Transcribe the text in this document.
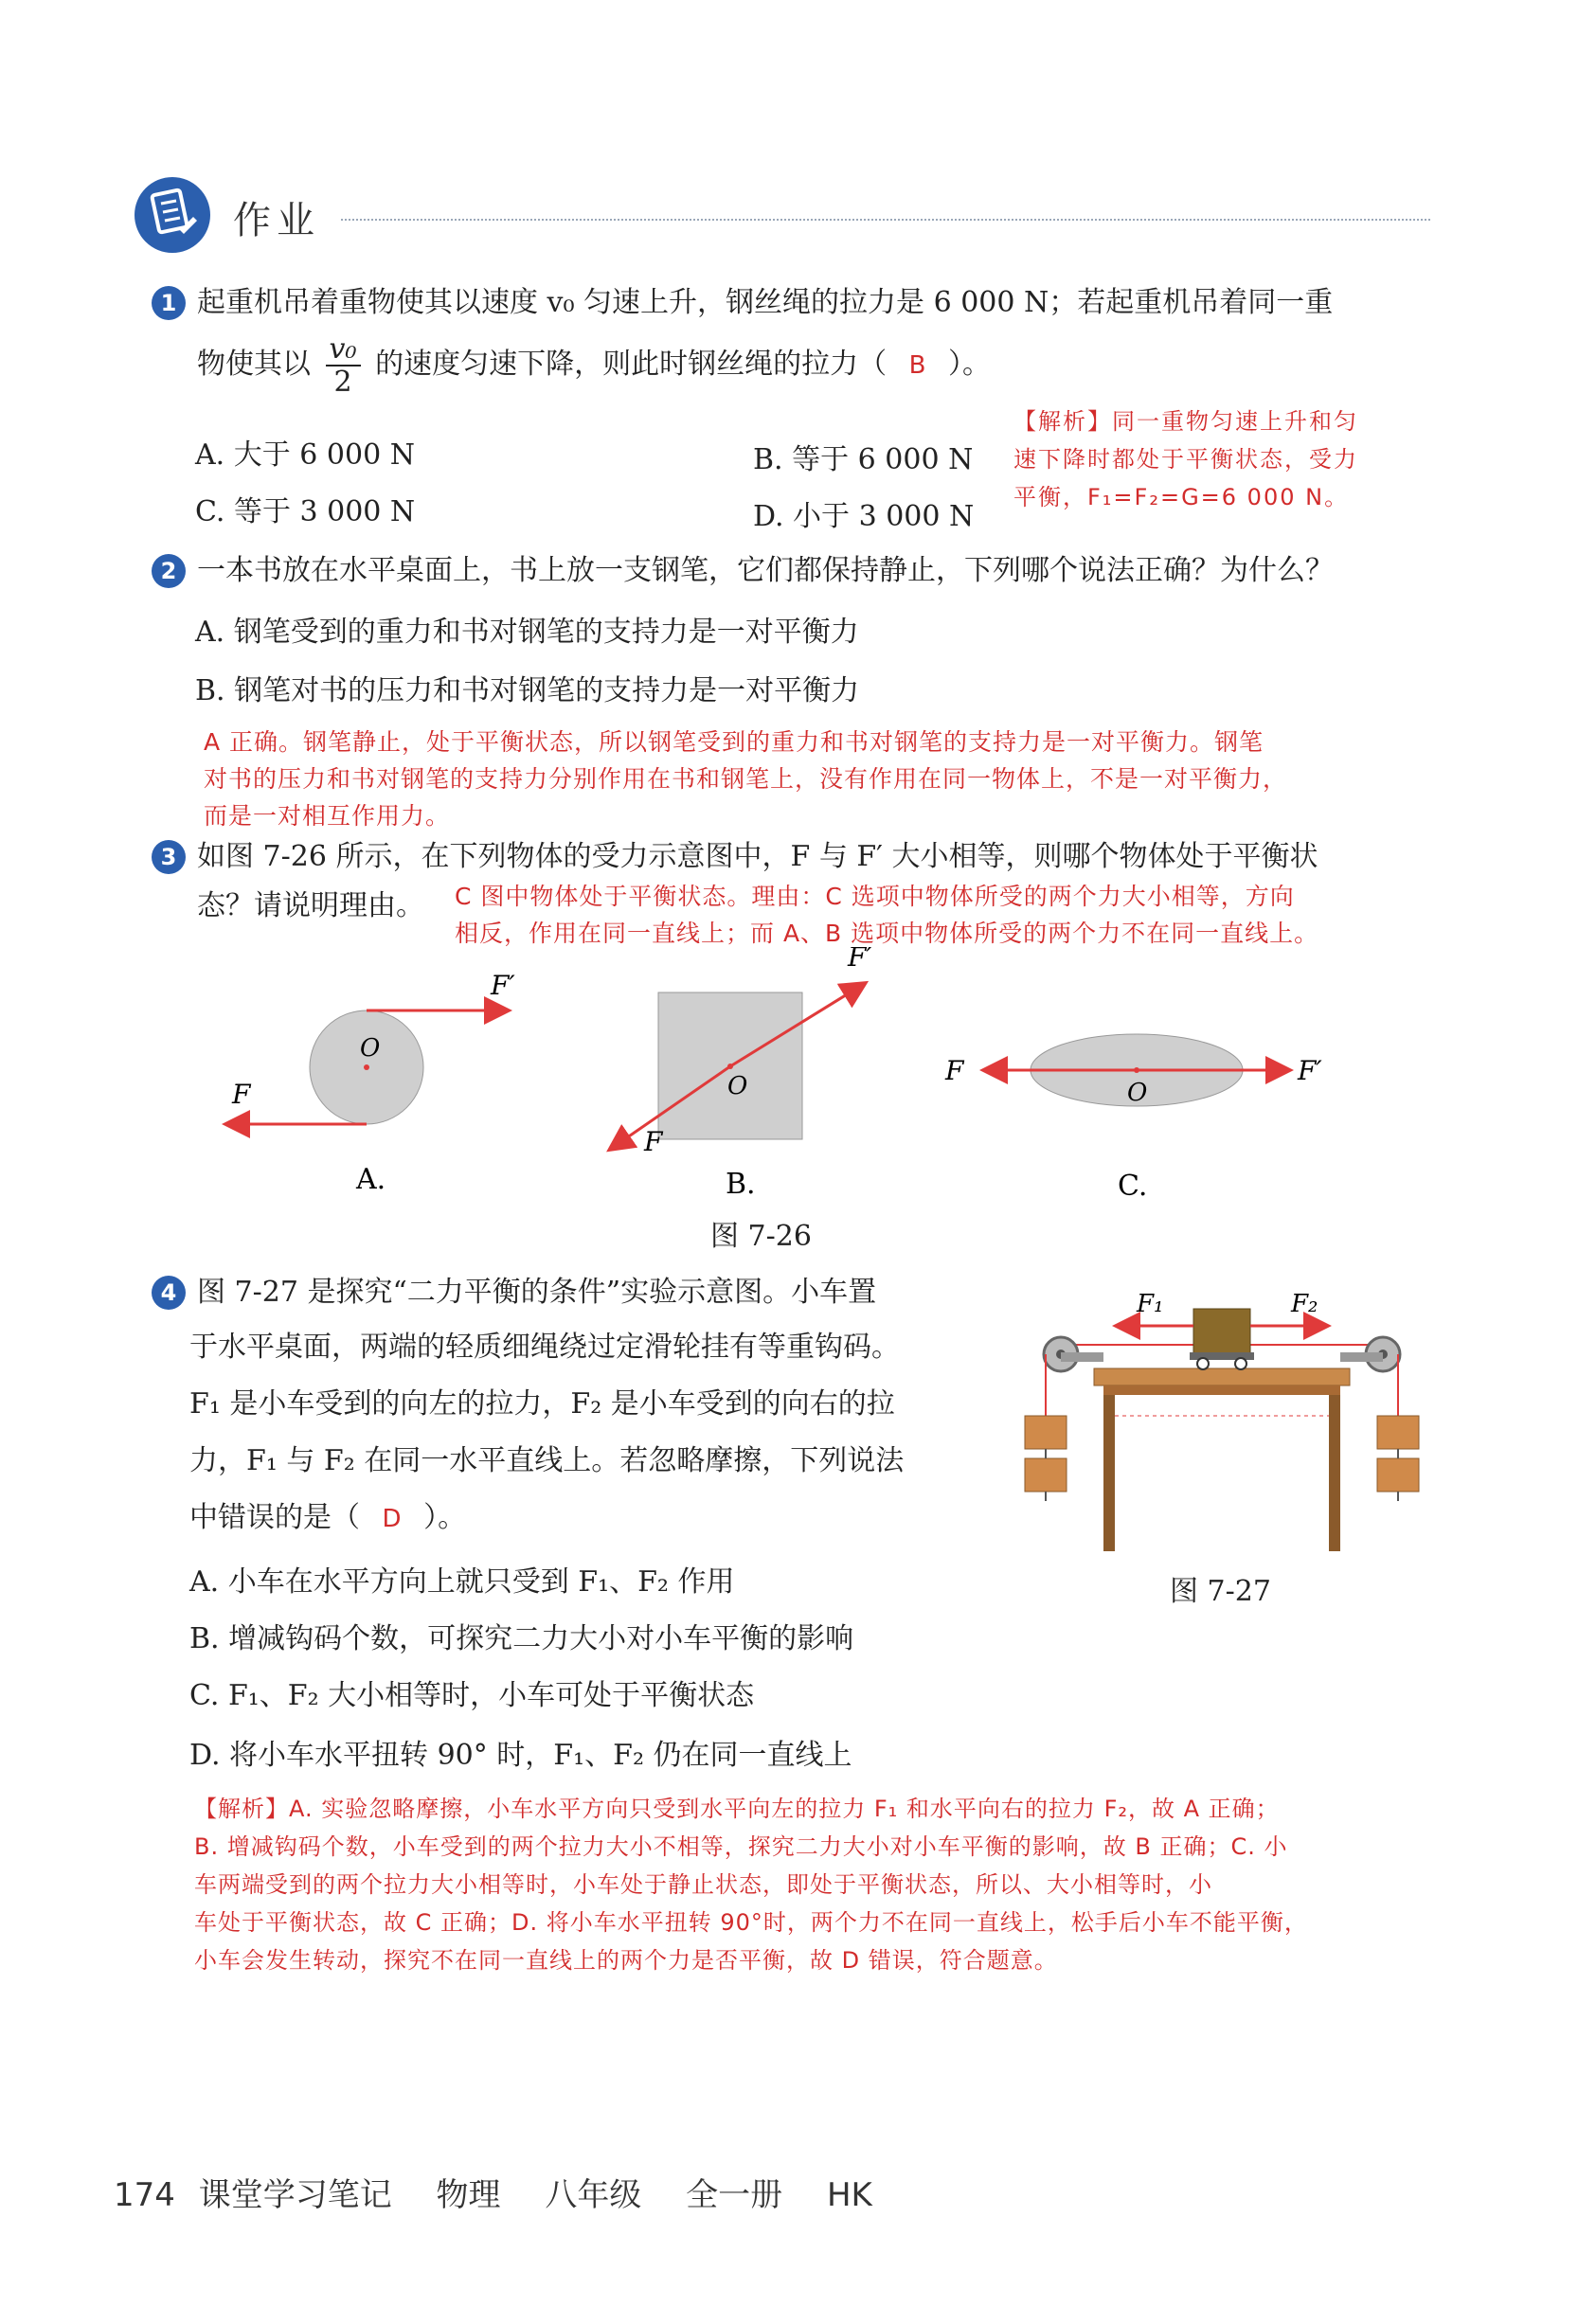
作业
1 起重机吊着重物使其以速度 v₀ 匀速上升，钢丝绳的拉力是 6 000 N；若起重机吊着同一重
物使其以 $\frac{\text{v₀}}{2}$ 的速度匀速下降，则此时钢丝绳的拉力（ B ）。
A. 大于 6 000 N	B. 等于 6 000 N
C. 等于 3 000 N	D. 小于 3 000 N
【解析】同一重物匀速上升和匀
速下降时都处于平衡状态，受力
平衡，F₁=F₂=G=6 000 N。
2 一本书放在水平桌面上，书上放一支钢笔，它们都保持静止，下列哪个说法正确？为什么？
A. 钢笔受到的重力和书对钢笔的支持力是一对平衡力
B. 钢笔对书的压力和书对钢笔的支持力是一对平衡力
A 正确。钢笔静止，处于平衡状态，所以钢笔受到的重力和书对钢笔的支持力是一对平衡力。钢笔
对书的压力和书对钢笔的支持力分别作用在书和钢笔上，没有作用在同一物体上，不是一对平衡力，
而是一对相互作用力。
3 如图 7-26 所示，在下列物体的受力示意图中，F 与 F′ 大小相等，则哪个物体处于平衡状
态？请说明理由。 C 图中物体处于平衡状态。理由：C 选项中物体所受的两个力大小相等，方向
相反，作用在同一直线上；而 A、B 选项中物体所受的两个力不在同一直线上。
F′
F
O
A.
F′
F
O
B.
F	F′
O
C.
图 7-26
4 图 7-27 是探究“二力平衡的条件”实验示意图。小车置
于水平桌面，两端的轻质细绳绕过定滑轮挂有等重钩码。
F₁ 是小车受到的向左的拉力，F₂ 是小车受到的向右的拉
力，F₁ 与 F₂ 在同一水平直线上。若忽略摩擦，下列说法
中错误的是（ D ）。
A. 小车在水平方向上就只受到 F₁、F₂ 作用
B. 增减钩码个数，可探究二力大小对小车平衡的影响
C. F₁、F₂ 大小相等时，小车可处于平衡状态
D. 将小车水平扭转 90° 时，F₁、F₂ 仍在同一直线上
F₁	F₂
图 7-27
【解析】A. 实验忽略摩擦，小车水平方向只受到水平向左的拉力 F₁ 和水平向右的拉力 F₂，故 A 正确；
B. 增减钩码个数，小车受到的两个拉力大小不相等，探究二力大小对小车平衡的影响，故 B 正确；C. 小
车两端受到的两个拉力大小相等时，小车处于静止状态，即处于平衡状态，所以、大小相等时，小
车处于平衡状态，故 C 正确；D. 将小车水平扭转 90°时，两个力不在同一直线上，松手后小车不能平衡，
小车会发生转动，探究不在同一直线上的两个力是否平衡，故 D 错误，符合题意。
174 课堂学习笔记 物理 八年级 全一册 HK
